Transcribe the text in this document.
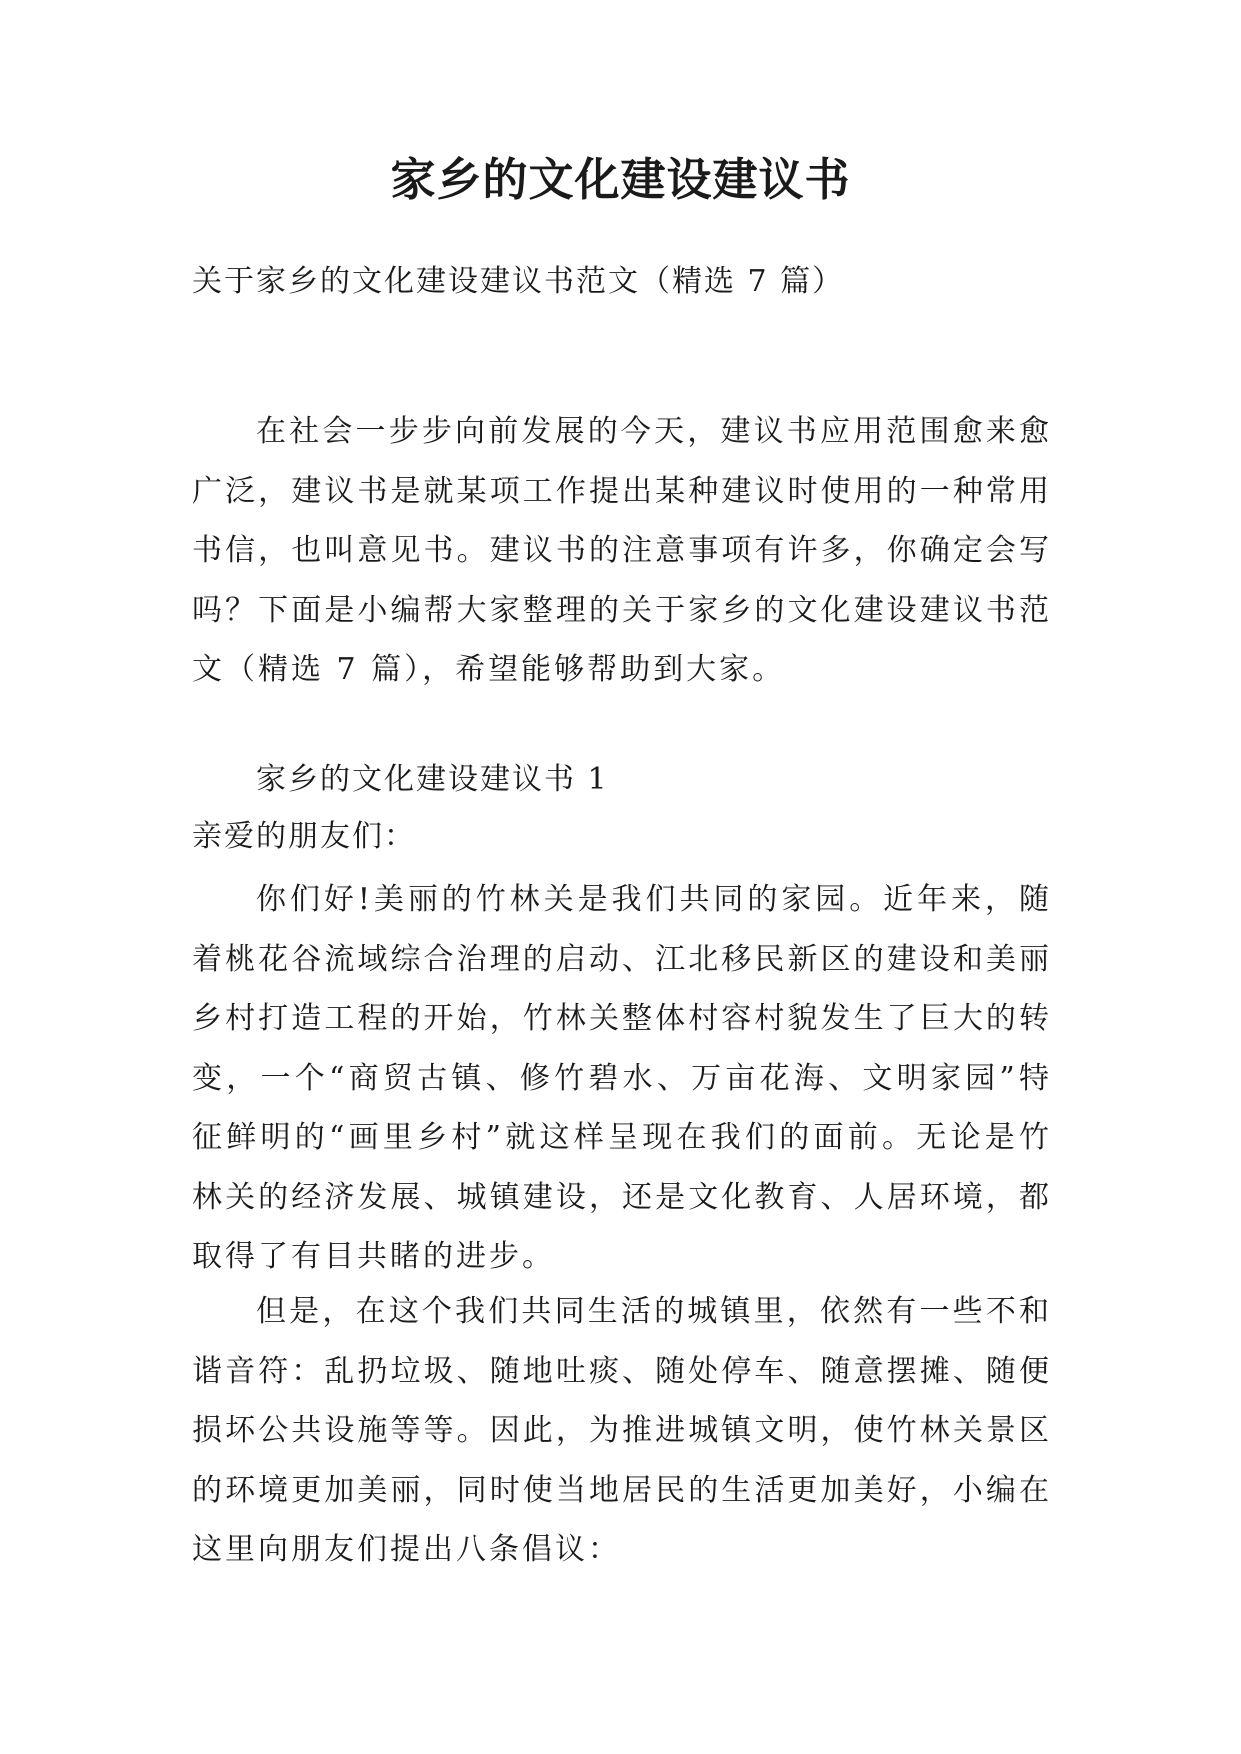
家乡的文化建设建议书

关于家乡的文化建设建议书范文（精选 7 篇）

在社会一步步向前发展的今天，建议书应用范围愈来愈广泛，建议书是就某项工作提出某种建议时使用的一种常用书信，也叫意见书。建议书的注意事项有许多，你确定会写吗？下面是小编帮大家整理的关于家乡的文化建设建议书范文（精选 7 篇），希望能够帮助到大家。

家乡的文化建设建议书 1

亲爱的朋友们：

你们好!美丽的竹林关是我们共同的家园。近年来，随着桃花谷流域综合治理的启动、江北移民新区的建设和美丽乡村打造工程的开始，竹林关整体村容村貌发生了巨大的转变，一个“商贸古镇、修竹碧水、万亩花海、文明家园”特征鲜明的“画里乡村”就这样呈现在我们的面前。无论是竹林关的经济发展、城镇建设，还是文化教育、人居环境，都取得了有目共睹的进步。

但是，在这个我们共同生活的城镇里，依然有一些不和谐音符：乱扔垃圾、随地吐痰、随处停车、随意摆摊、随便损坏公共设施等等。因此，为推进城镇文明，使竹林关景区的环境更加美丽，同时使当地居民的生活更加美好，小编在这里向朋友们提出八条倡议：
